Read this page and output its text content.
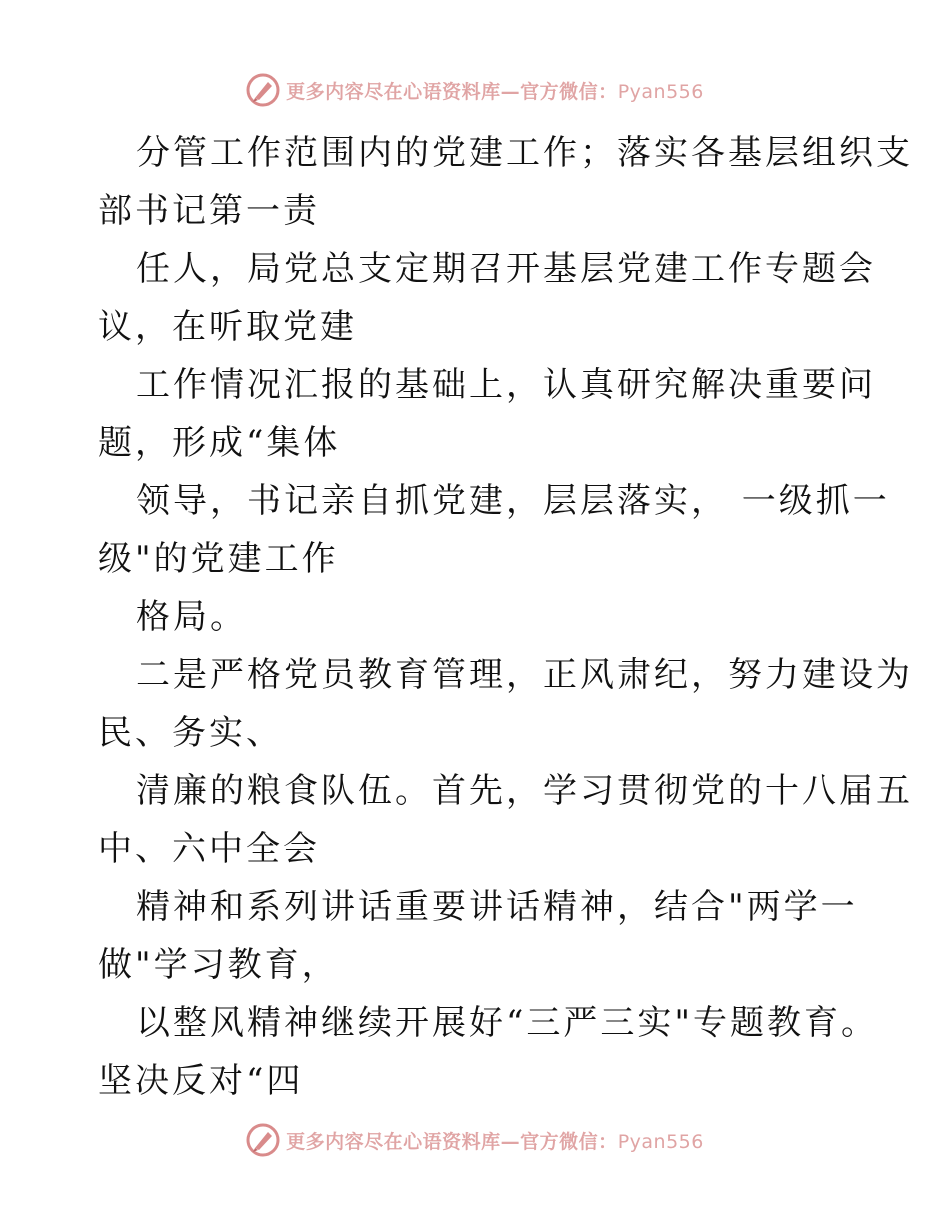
更多内容尽在心语资料库—官方微信：Pyan556
分管工作范围内的党建工作；落实各基层组织支
部书记第一责
任人，局党总支定期召开基层党建工作专题会
议，在听取党建
工作情况汇报的基础上，认真研究解决重要问
题，形成“集体
领导，书记亲自抓党建，层层落实， 一级抓一
级"的党建工作
格局。
二是严格党员教育管理，正风肃纪，努力建设为
民、务实、
清廉的粮食队伍。首先，学习贯彻党的十八届五
中、六中全会
精神和系列讲话重要讲话精神，结合"两学一
做"学习教育，
以整风精神继续开展好“三严三实"专题教育。
坚决反对“四
更多内容尽在心语资料库—官方微信：Pyan556
